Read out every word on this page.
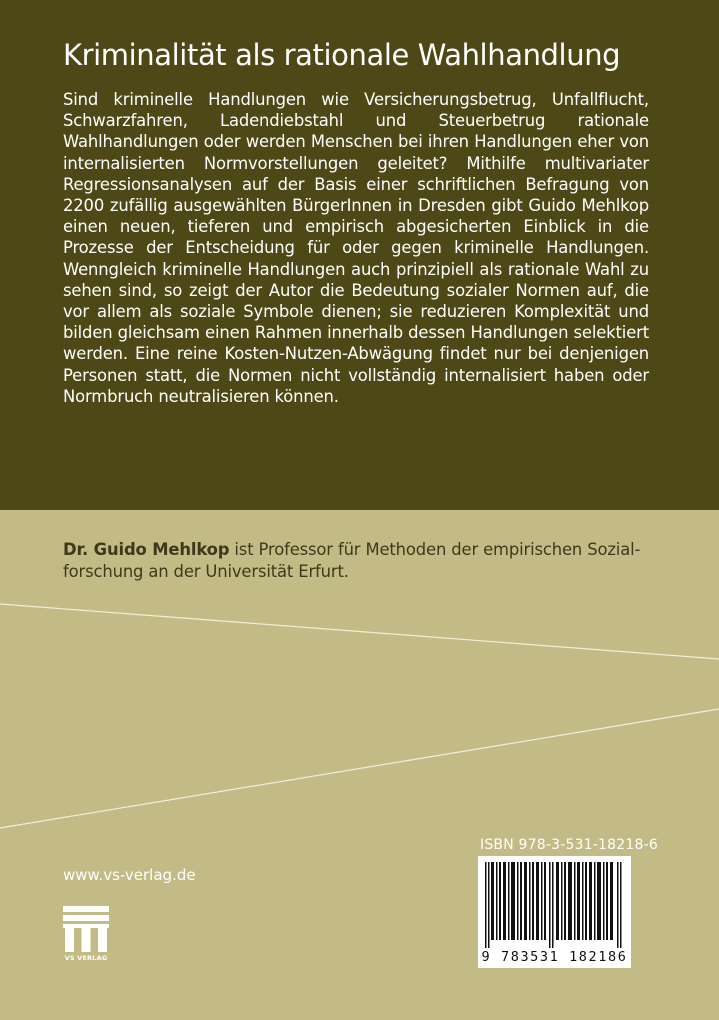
Kriminalität als rationale Wahlhandlung

Sind kriminelle Handlungen wie Versicherungsbetrug, Unfallflucht, Schwarzfahren, Ladendiebstahl und Steuerbetrug rationale Wahlhandlungen oder werden Menschen bei ihren Handlungen eher von internalisierten Normvorstellungen geleitet? Mithilfe multivariater Regressionsanalysen auf der Basis einer schriftlichen Befragung von 2200 zufällig ausgewählten BürgerInnen in Dresden gibt Guido Mehlkop einen neuen, tieferen und empirisch abgesicherten Einblick in die Prozesse der Entscheidung für oder gegen kriminelle Handlungen. Wenngleich kriminelle Handlungen auch prinzipiell als rationale Wahl zu sehen sind, so zeigt der Autor die Bedeutung sozialer Normen auf, die vor allem als soziale Symbole dienen; sie reduzieren Komplexität und bilden gleichsam einen Rahmen innerhalb dessen Handlungen selektiert werden. Eine reine Kosten-Nutzen-Abwägung findet nur bei denjenigen Personen statt, die Normen nicht vollständig internalisiert haben oder Normbruch neutralisieren können.

Dr. Guido Mehlkop ist Professor für Methoden der empirischen Sozialforschung an der Universität Erfurt.

ISBN 978-3-531-18218-6
9 783531 182186
www.vs-verlag.de
VS VERLAG
